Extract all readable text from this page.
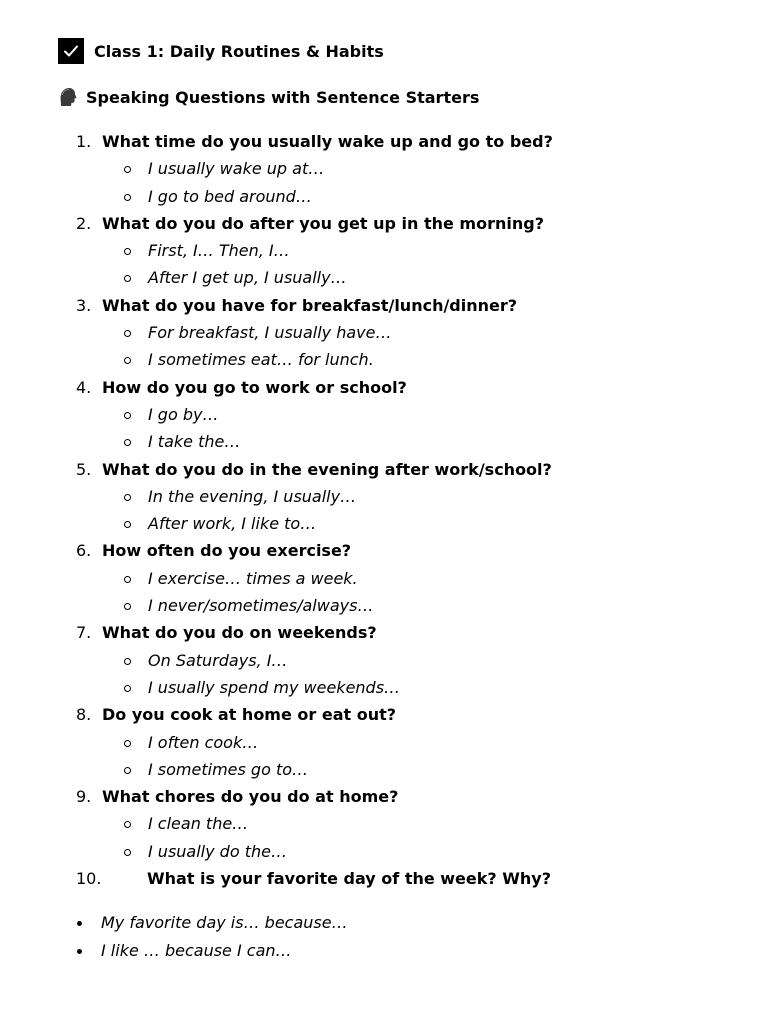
Class 1: Daily Routines & Habits
Speaking Questions with Sentence Starters
1. What time do you usually wake up and go to bed?
I usually wake up at…
I go to bed around…
2. What do you do after you get up in the morning?
First, I… Then, I…
After I get up, I usually…
3. What do you have for breakfast/lunch/dinner?
For breakfast, I usually have…
I sometimes eat… for lunch.
4. How do you go to work or school?
I go by…
I take the…
5. What do you do in the evening after work/school?
In the evening, I usually…
After work, I like to…
6. How often do you exercise?
I exercise… times a week.
I never/sometimes/always…
7. What do you do on weekends?
On Saturdays, I…
I usually spend my weekends…
8. Do you cook at home or eat out?
I often cook…
I sometimes go to…
9. What chores do you do at home?
I clean the…
I usually do the…
10.	What is your favorite day of the week? Why?
My favorite day is… because…
I like … because I can…
